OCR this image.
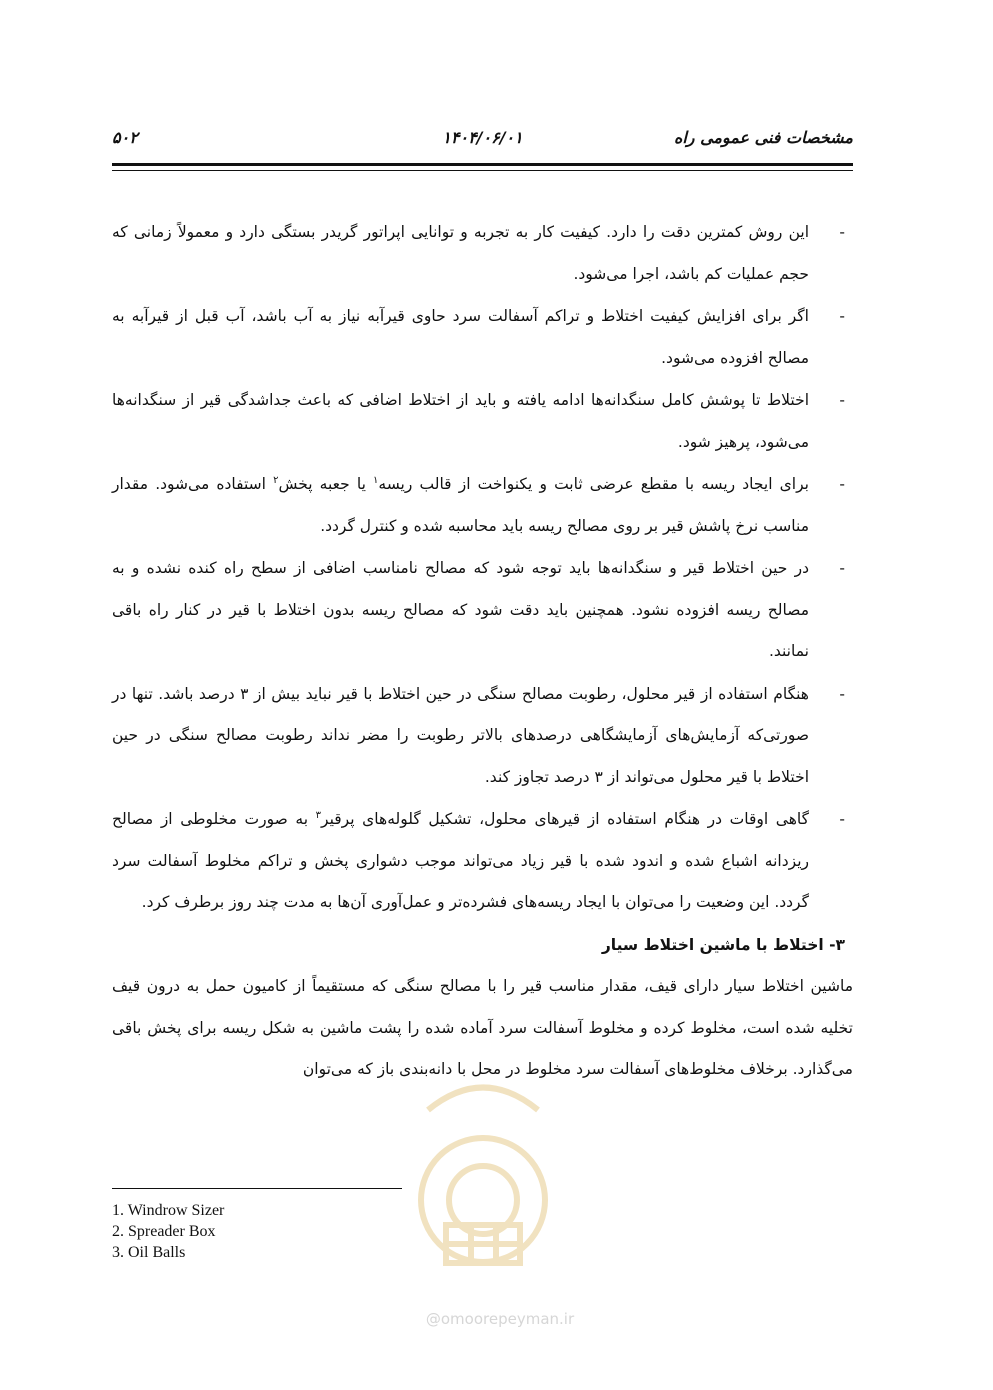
مشخصات فنی عمومی راه
۱۴۰۴/۰۶/۰۱
۵۰۲

-
این روش کمترین دقت را دارد. کیفیت کار به تجربه و توانایی اپراتور گریدر بستگی دارد و معمولاً زمانی که حجم عملیات کم باشد، اجرا می‌شود.

-
اگر برای افزایش کیفیت اختلاط و تراکم آسفالت سرد حاوی قیرآبه نیاز به آب باشد، آب قبل از قیرآبه به مصالح افزوده می‌شود.

-
اختلاط تا پوشش کامل سنگدانه‌ها ادامه یافته و باید از اختلاط اضافی که باعث جداشدگی قیر از سنگدانه‌ها می‌شود، پرهیز شود.

-
برای ایجاد ریسه با مقطع عرضی ثابت و یکنواخت از قالب ریسه$^۱$ یا جعبه پخش$^۲$ استفاده می‌شود. مقدار مناسب نرخ پاشش قیر بر روی مصالح ریسه باید محاسبه شده و کنترل گردد.

-
در حین اختلاط قیر و سنگدانه‌ها باید توجه شود که مصالح نامناسب اضافی از سطح راه کنده نشده و به مصالح ریسه افزوده نشود. همچنین باید دقت شود که مصالح ریسه بدون اختلاط با قیر در کنار راه باقی نمانند.

-
هنگام استفاده از قیر محلول، رطوبت مصالح سنگی در حین اختلاط با قیر نباید بیش از ۳ درصد باشد. تنها در صورتی‌که آزمایش‌های آزمایشگاهی درصدهای بالاتر رطوبت را مضر نداند رطوبت مصالح سنگی در حین اختلاط با قیر محلول می‌تواند از ۳ درصد تجاوز کند.

-
گاهی اوقات در هنگام استفاده از قیرهای محلول، تشکیل گلوله‌های پرقیر$^۳$ به صورت مخلوطی از مصالح ریزدانه اشباع شده و اندود شده با قیر زیاد می‌تواند موجب دشواری پخش و تراکم مخلوط آسفالت سرد گردد. این وضعیت را می‌توان با ایجاد ریسه‌های فشرده‌تر و عمل‌آوری آن‌ها به مدت چند روز برطرف کرد.

۳- اختلاط با ماشین اختلاط سیار

ماشین اختلاط سیار دارای قیف، مقدار مناسب قیر را با مصالح سنگی که مستقیماً از کامیون حمل به درون قیف تخلیه شده است، مخلوط کرده و مخلوط آسفالت سرد آماده شده را پشت ماشین به شکل ریسه برای پخش باقی می‌گذارد. برخلاف مخلوط‌های آسفالت سرد مخلوط در محل با دانه‌بندی باز که می‌توان

@omoorepeyman.ir
1. Windrow Sizer
2. Spreader Box
3. Oil Balls
